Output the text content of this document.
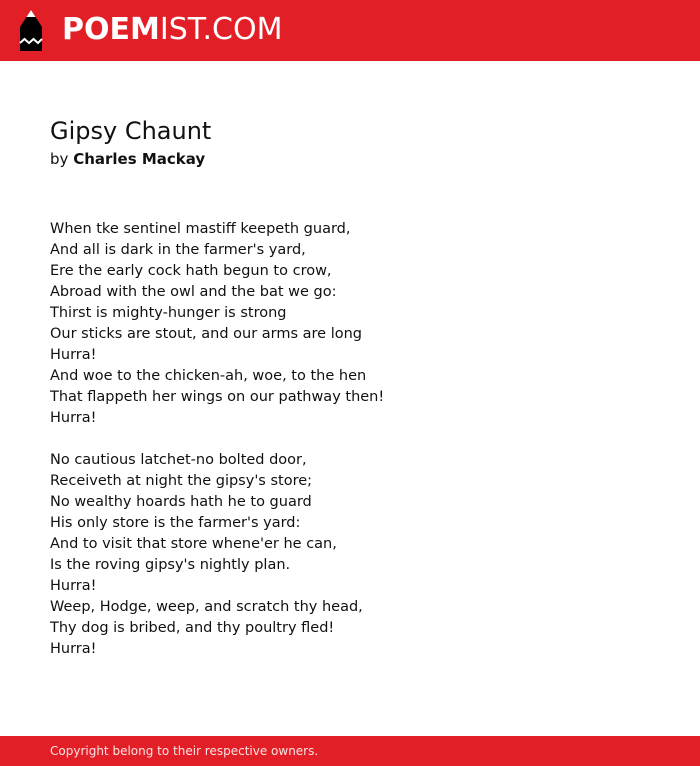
POEMIST.COM
Gipsy Chaunt
by Charles Mackay
When tke sentinel mastiff keepeth guard,
And all is dark in the farmer's yard,
Ere the early cock hath begun to crow,
Abroad with the owl and the bat we go:
Thirst is mighty-hunger is strong
Our sticks are stout, and our arms are long
Hurra!
And woe to the chicken-ah, woe, to the hen
That flappeth her wings on our pathway then!
Hurra!
No cautious latchet-no bolted door,
Receiveth at night the gipsy's store;
No wealthy hoards hath he to guard
His only store is the farmer's yard:
And to visit that store whene'er he can,
Is the roving gipsy's nightly plan.
Hurra!
Weep, Hodge, weep, and scratch thy head,
Thy dog is bribed, and thy poultry fled!
Hurra!
Copyright belong to their respective owners.
